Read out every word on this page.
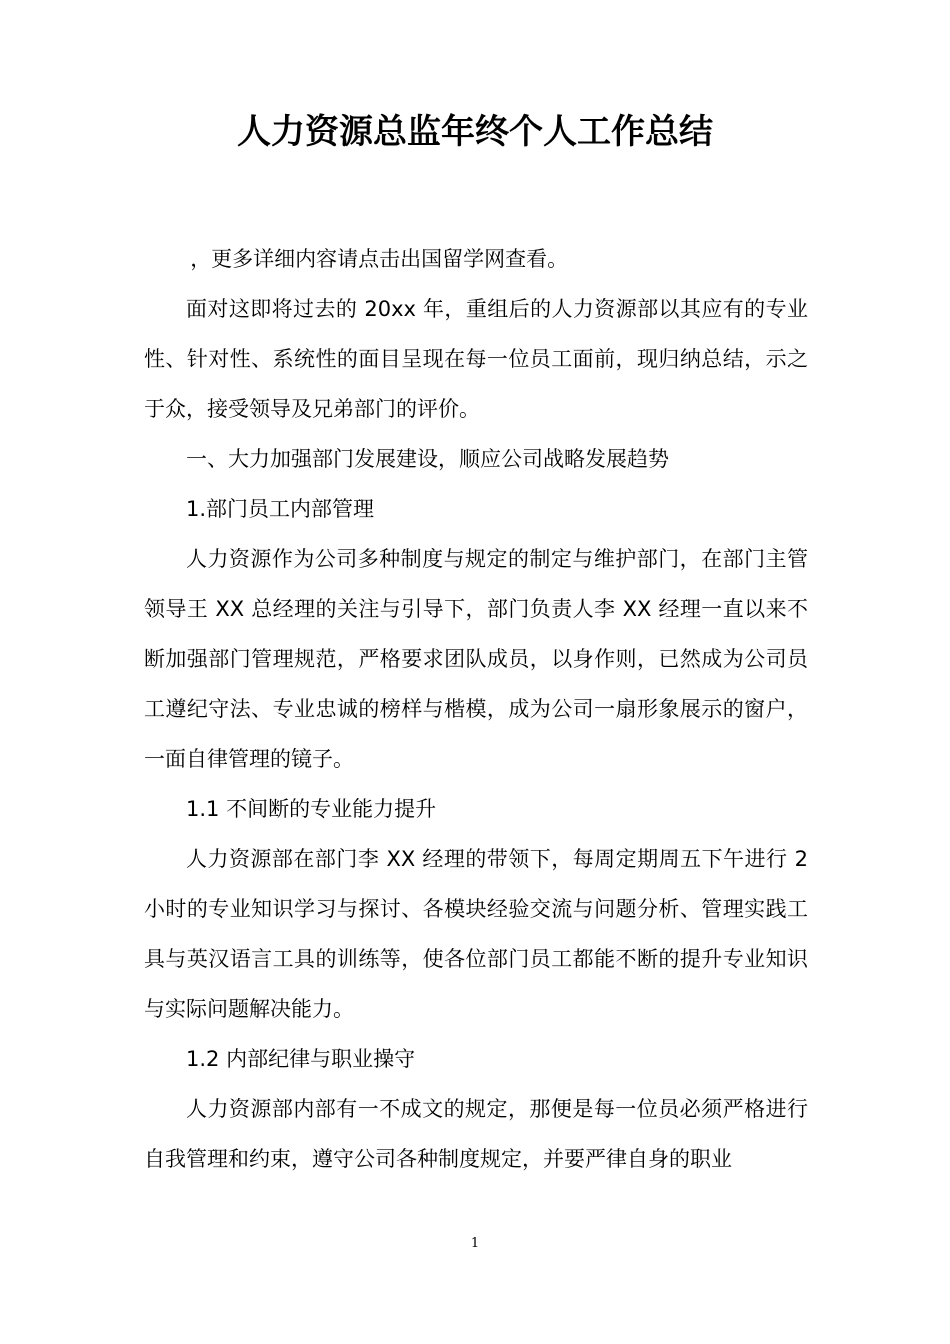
人力资源总监年终个人工作总结

，更多详细内容请点击出国留学网查看。

面对这即将过去的 20xx 年，重组后的人力资源部以其应有的专业性、针对性、系统性的面目呈现在每一位员工面前，现归纳总结，示之于众，接受领导及兄弟部门的评价。

一、大力加强部门发展建设，顺应公司战略发展趋势

1.部门员工内部管理

人力资源作为公司多种制度与规定的制定与维护部门，在部门主管领导王 XX 总经理的关注与引导下，部门负责人李 XX 经理一直以来不断加强部门管理规范，严格要求团队成员，以身作则，已然成为公司员工遵纪守法、专业忠诚的榜样与楷模，成为公司一扇形象展示的窗户，一面自律管理的镜子。

1.1 不间断的专业能力提升

人力资源部在部门李 XX 经理的带领下，每周定期周五下午进行 2 小时的专业知识学习与探讨、各模块经验交流与问题分析、管理实践工具与英汉语言工具的训练等，使各位部门员工都能不断的提升专业知识与实际问题解决能力。

1.2 内部纪律与职业操守

人力资源部内部有一不成文的规定，那便是每一位员必须严格进行自我管理和约束，遵守公司各种制度规定，并要严律自身的职业

1
